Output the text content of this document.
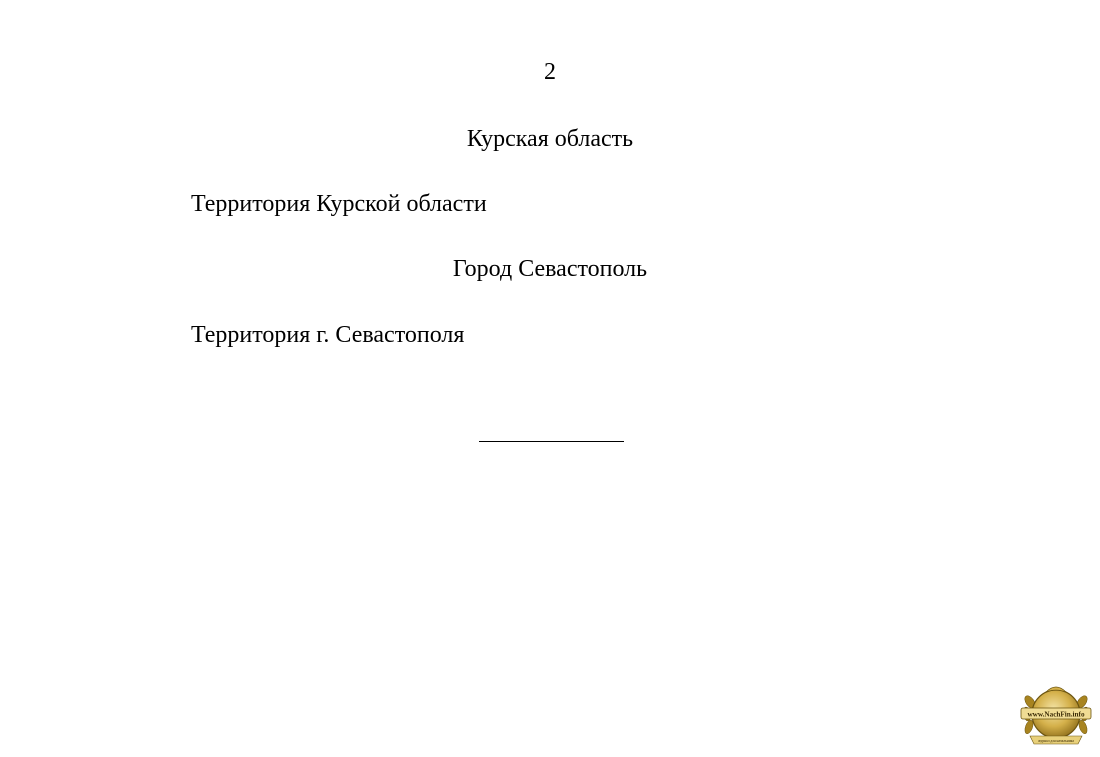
2
Курская область
Территория Курской области
Город Севастополь
Территория г. Севастополя
www.NachFin.info
журнал для начальника
